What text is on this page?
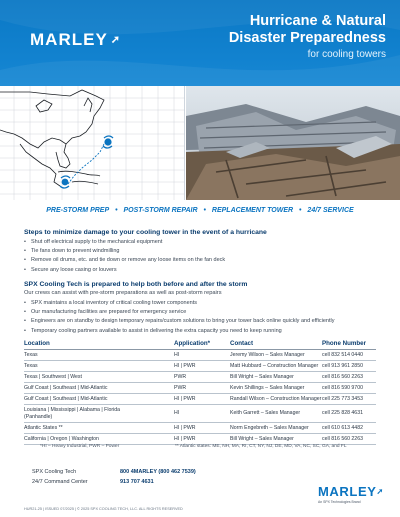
MARLEY ➚
Hurricane & Natural
Disaster Preparedness
for cooling towers
PRE-STORM PREP • POST-STORM REPAIR • REPLACEMENT TOWER • 24/7 SERVICE
Steps to minimize damage to your cooling tower in the event of a hurricane
• Shut off electrical supply to the mechanical equipment
• Tie fans down to prevent windmilling
• Remove oil drums, etc. and tie down or remove any loose items on the fan deck
• Secure any loose casing or louvers
SPX Cooling Tech is prepared to help both before and after the storm
Our crews can assist with pre-storm preparations as well as post-storm repairs
• SPX maintains a local inventory of critical cooling tower components
• Our manufacturing facilities are prepared for emergency service
• Engineers are on standby to design temporary repairs/custom solutions to bring your tower back online quickly and efficiently
• Temporary cooling partners available to assist in delivering the extra capacity you need to keep running
Location	Application*	Contact	Phone Number
Texas	HI	Jeremy Wilson – Sales Manager	cell 832 514 0440
Texas	HI | PWR	Matt Hubbard – Construction Manager cell 913 961 2850
Texas | Southwest | West	PWR	Bill Wright – Sales Manager	cell 816 560 2263
Gulf Coast | Southeast | Mid-Atlantic	PWR	Kevin Shillings – Sales Manager	cell 816 590 9700
Gulf Coast | Southeast | Mid-Atlantic	HI | PWR	Randall Wilson – Construction Manager cell 225 773 3453
Louisiana | Mississippi | Alabama | Florida (Panhandle)
HI	Keith Garrett – Sales Manager	cell 225 828 4631
Atlantic States **	HI | PWR	Norm Engebreth – Sales Manager	cell 610 613 4482
California | Oregon | Washington	HI | PWR	Bill Wright – Sales Manager	cell 816 560 2263
*HI – Heavy Industrial, PWR – Power	** Atlantic states: ME, NH, MA, RI, CT, NY, NJ, DE, MD, VA, NC, SC, GA, and FL
SPX Cooling Tech
24/7 Command Center
800 4MARLEY (800 462 7539)
913 707 4631
HUR21-25 | ISSUED 07/2025 | © 2025 SPX COOLING TECH, LLC. ALL RIGHTS RESERVED
MARLEY➚
An SPX Technologies Brand
